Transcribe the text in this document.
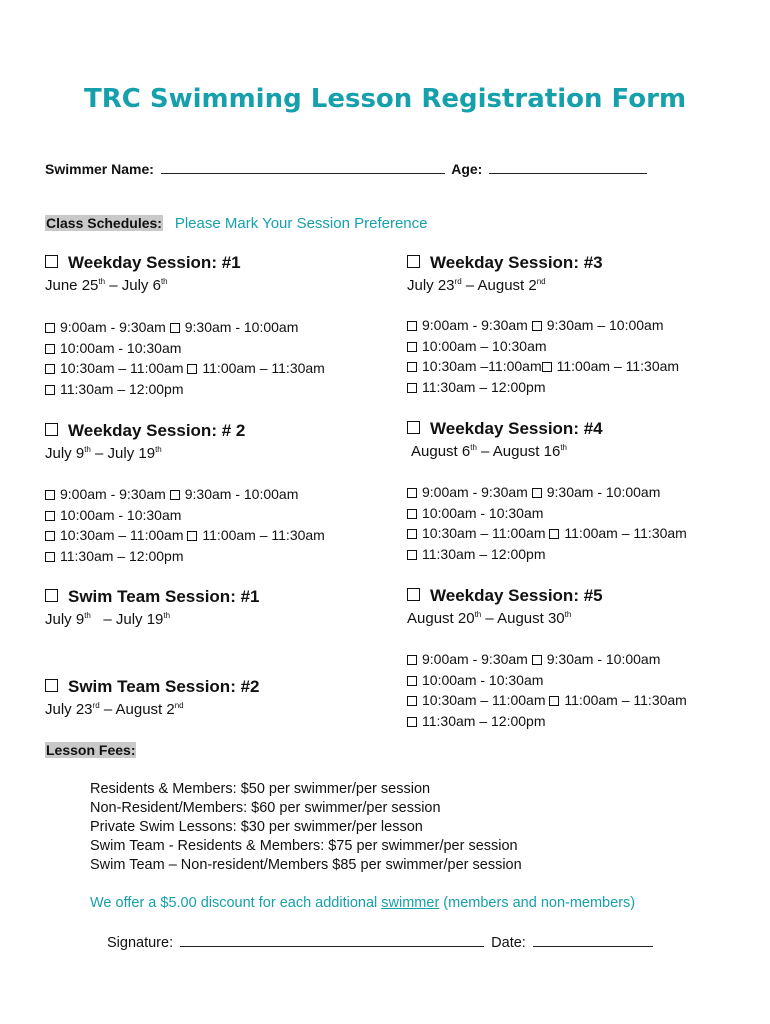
TRC Swimming Lesson Registration Form
Swimmer Name:	Age:
Class Schedules: Please Mark Your Session Preference
Weekday Session: #1
June 25th – July 6th
9:00am - 9:30am 9:30am - 10:00am
10:00am - 10:30am
10:30am – 11:00am 11:00am – 11:30am
11:30am – 12:00pm
Weekday Session: # 2
July 9th – July 19th
9:00am - 9:30am 9:30am - 10:00am
10:00am - 10:30am
10:30am – 11:00am 11:00am – 11:30am
11:30am – 12:00pm
Swim Team Session: #1
July 9th   – July 19th
Swim Team Session: #2
July 23rd – August 2nd
Weekday Session: #3
July 23rd – August 2nd
9:00am - 9:30am 9:30am – 10:00am
10:00am – 10:30am
10:30am –11:00am 11:00am – 11:30am
11:30am – 12:00pm
Weekday Session: #4
August 6th – August 16th
9:00am - 9:30am 9:30am - 10:00am
10:00am - 10:30am
10:30am – 11:00am 11:00am – 11:30am
11:30am – 12:00pm
Weekday Session: #5
August 20th – August 30th
9:00am - 9:30am 9:30am - 10:00am
10:00am - 10:30am
10:30am – 11:00am 11:00am – 11:30am
11:30am – 12:00pm
Lesson Fees:
Residents & Members: $50 per swimmer/per session
Non-Resident/Members: $60 per swimmer/per session
Private Swim Lessons: $30 per swimmer/per lesson
Swim Team - Residents & Members: $75 per swimmer/per session
Swim Team – Non-resident/Members $85 per swimmer/per session
We offer a $5.00 discount for each additional swimmer (members and non-members)
Signature:	Date:
